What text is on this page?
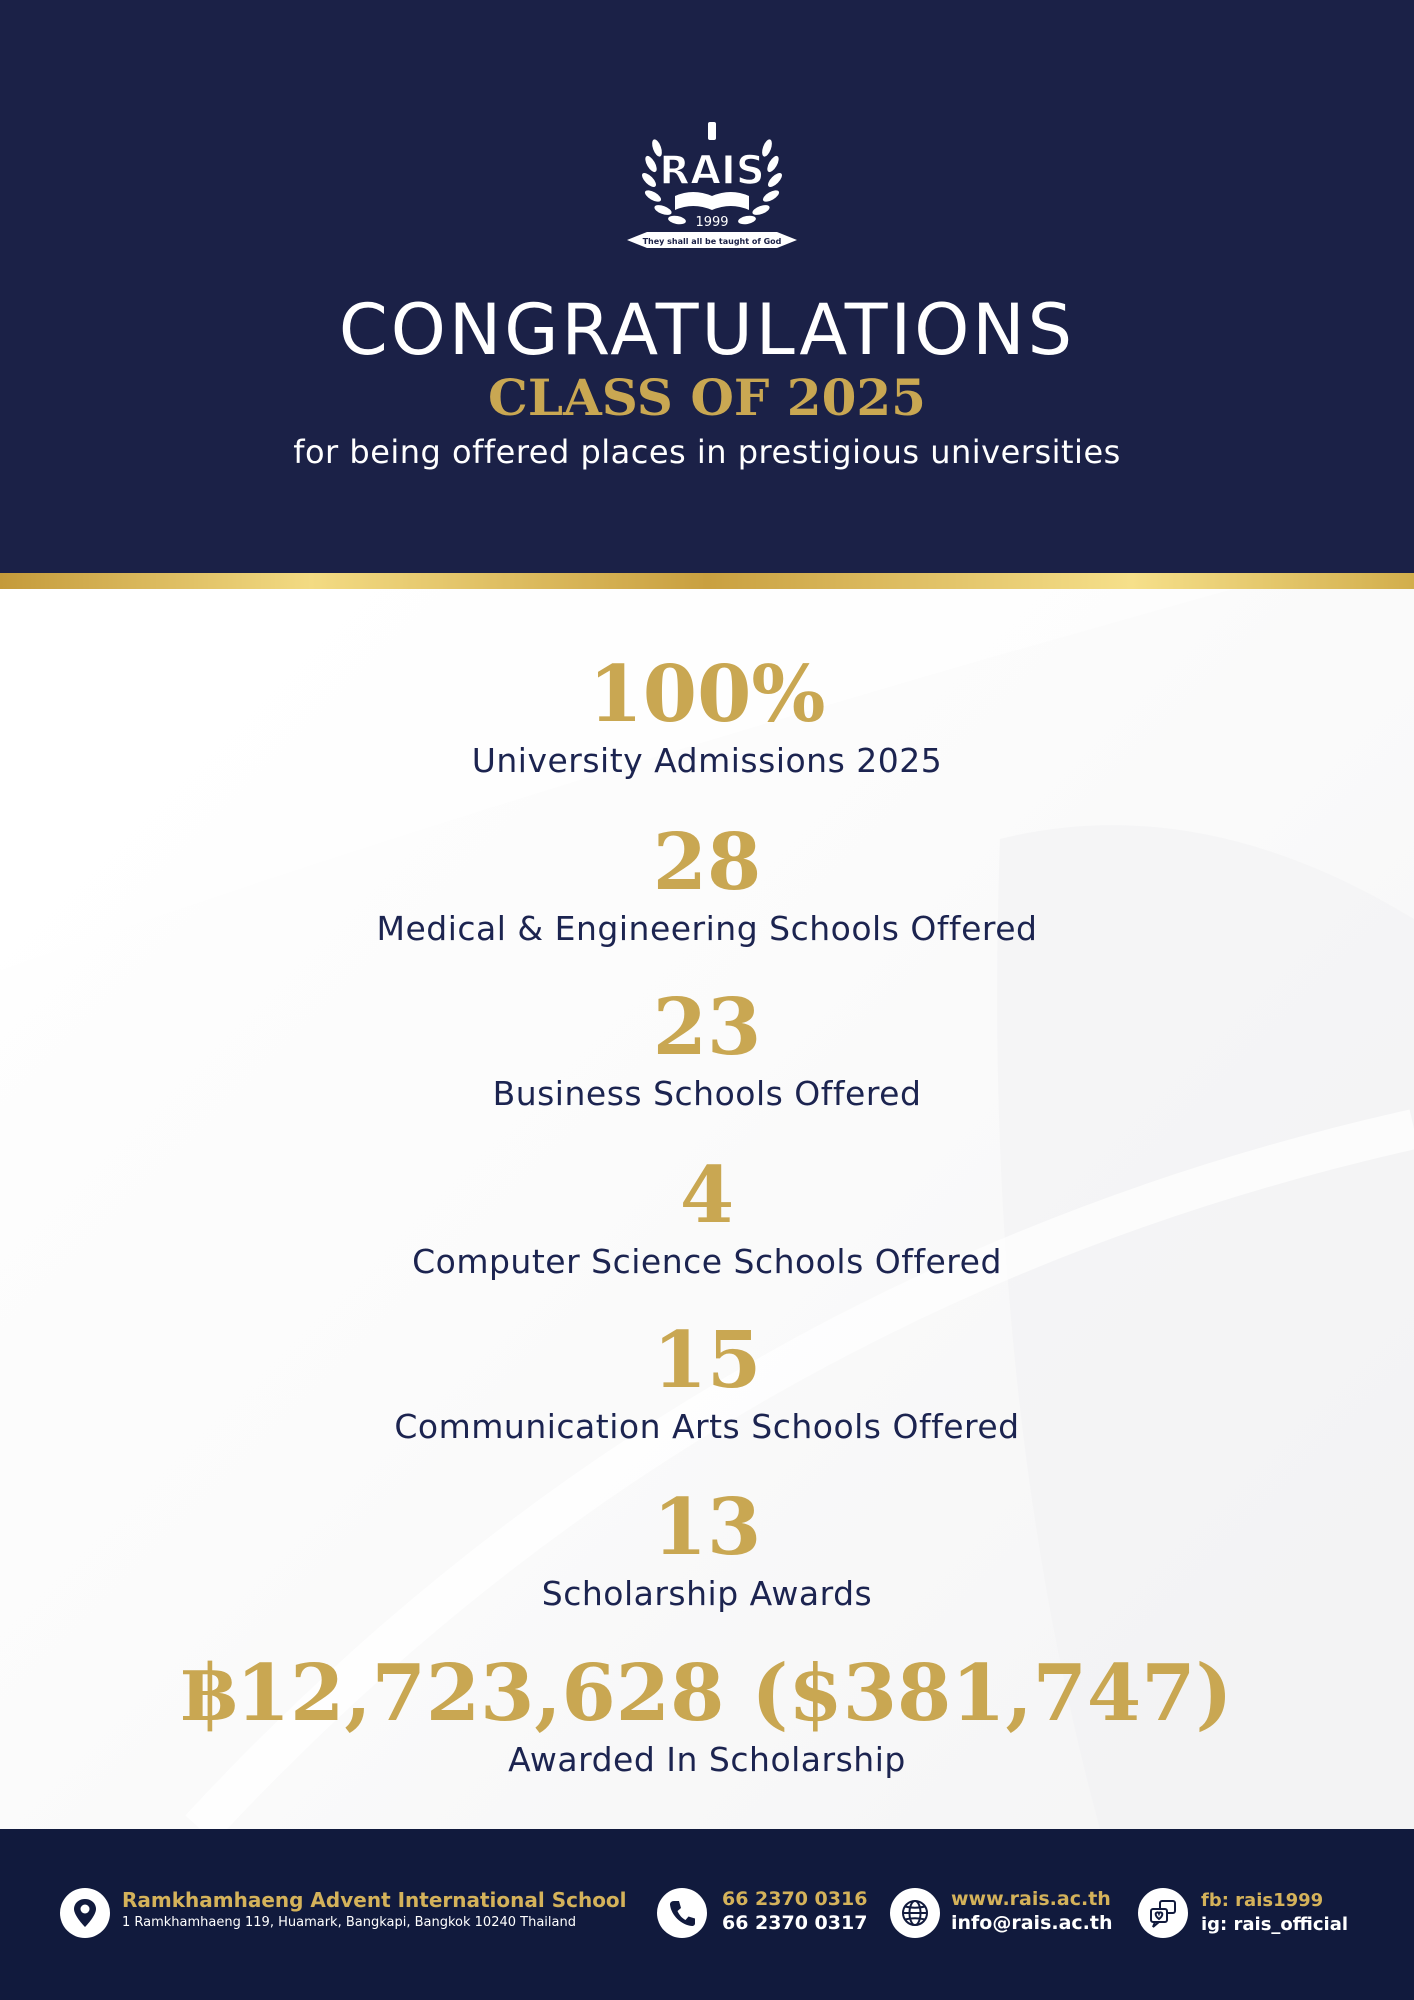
RAIS
1999
They shall all be taught of God
CONGRATULATIONS
CLASS OF 2025
for being offered places in prestigious universities
100%
University Admissions 2025
28
Medical & Engineering Schools Offered
23
Business Schools Offered
4
Computer Science Schools Offered
15
Communication Arts Schools Offered
13
Scholarship Awards
฿12,723,628 ($381,747)
Awarded In Scholarship
Ramkhamhaeng Advent International School
1 Ramkhamhaeng 119, Huamark, Bangkapi, Bangkok 10240 Thailand
66 2370 0316
66 2370 0317
www.rais.ac.th
info@rais.ac.th
fb: rais1999
ig: rais_official
